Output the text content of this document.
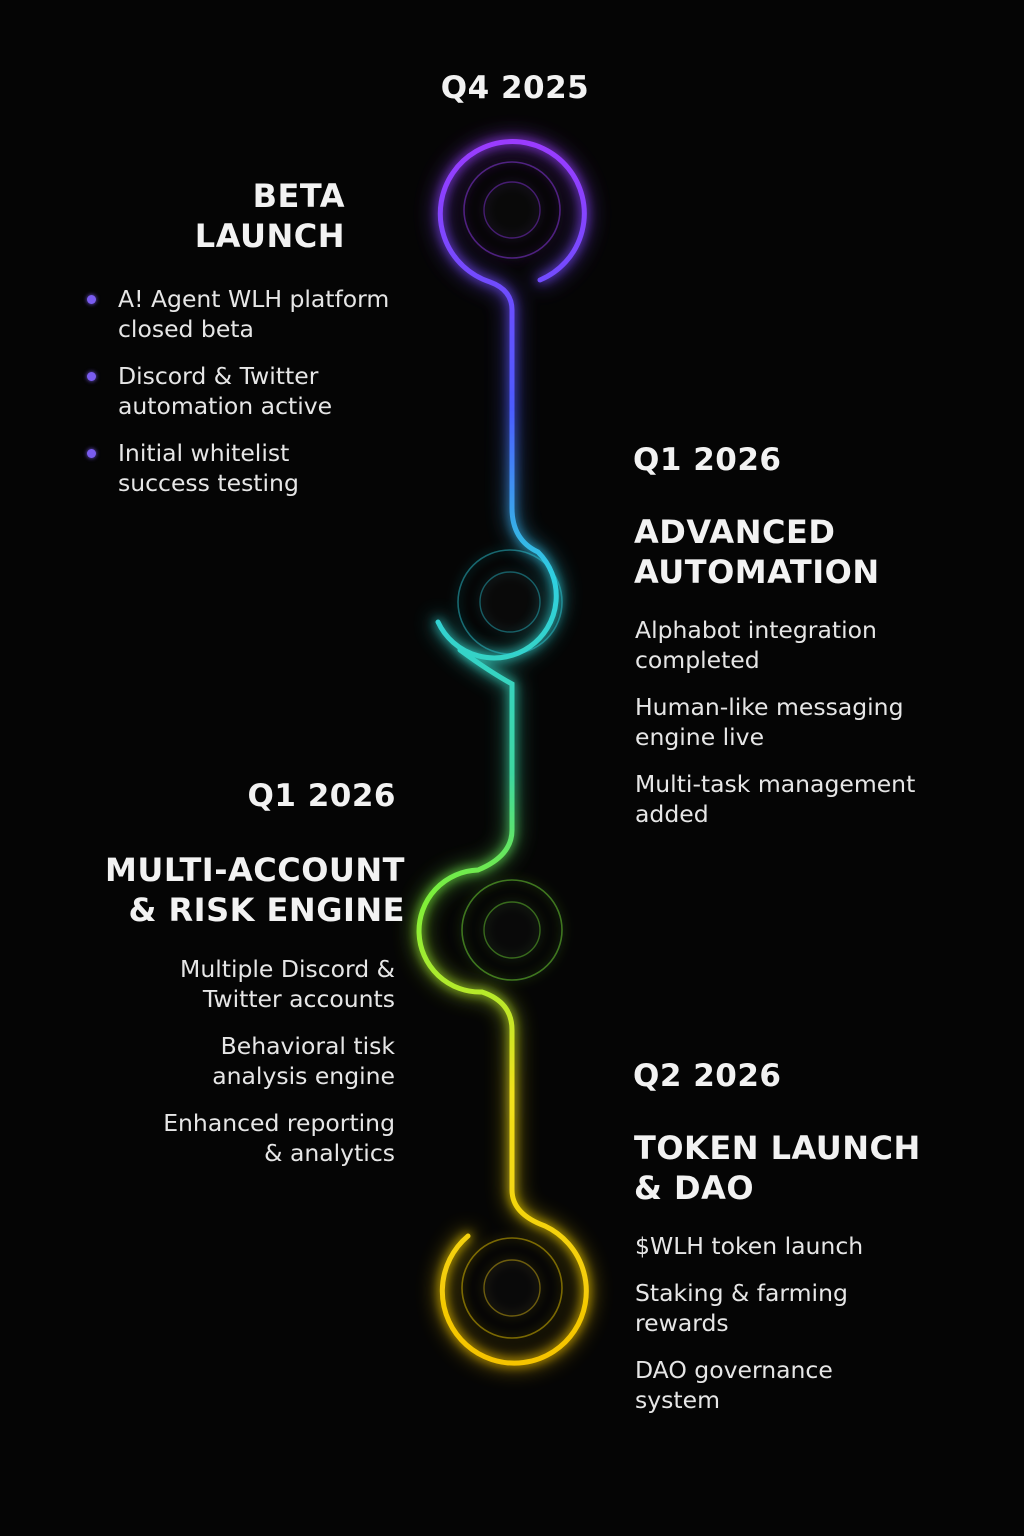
Q4 2025
BETA
LAUNCH
A! Agent WLH platform
closed beta
Discord & Twitter
automation active
Initial whitelist
success testing
Q1 2026
ADVANCED
AUTOMATION
Alphabot integration
completed
Human-like messaging
engine live
Multi-task management
added
Q1 2026
MULTI-ACCOUNT
& RISK ENGINE
Multiple Discord &
Twitter accounts
Behavioral tisk
analysis engine
Enhanced reporting
& analytics
Q2 2026
TOKEN LAUNCH
& DAO
$WLH token launch
Staking & farming
rewards
DAO governance
system
